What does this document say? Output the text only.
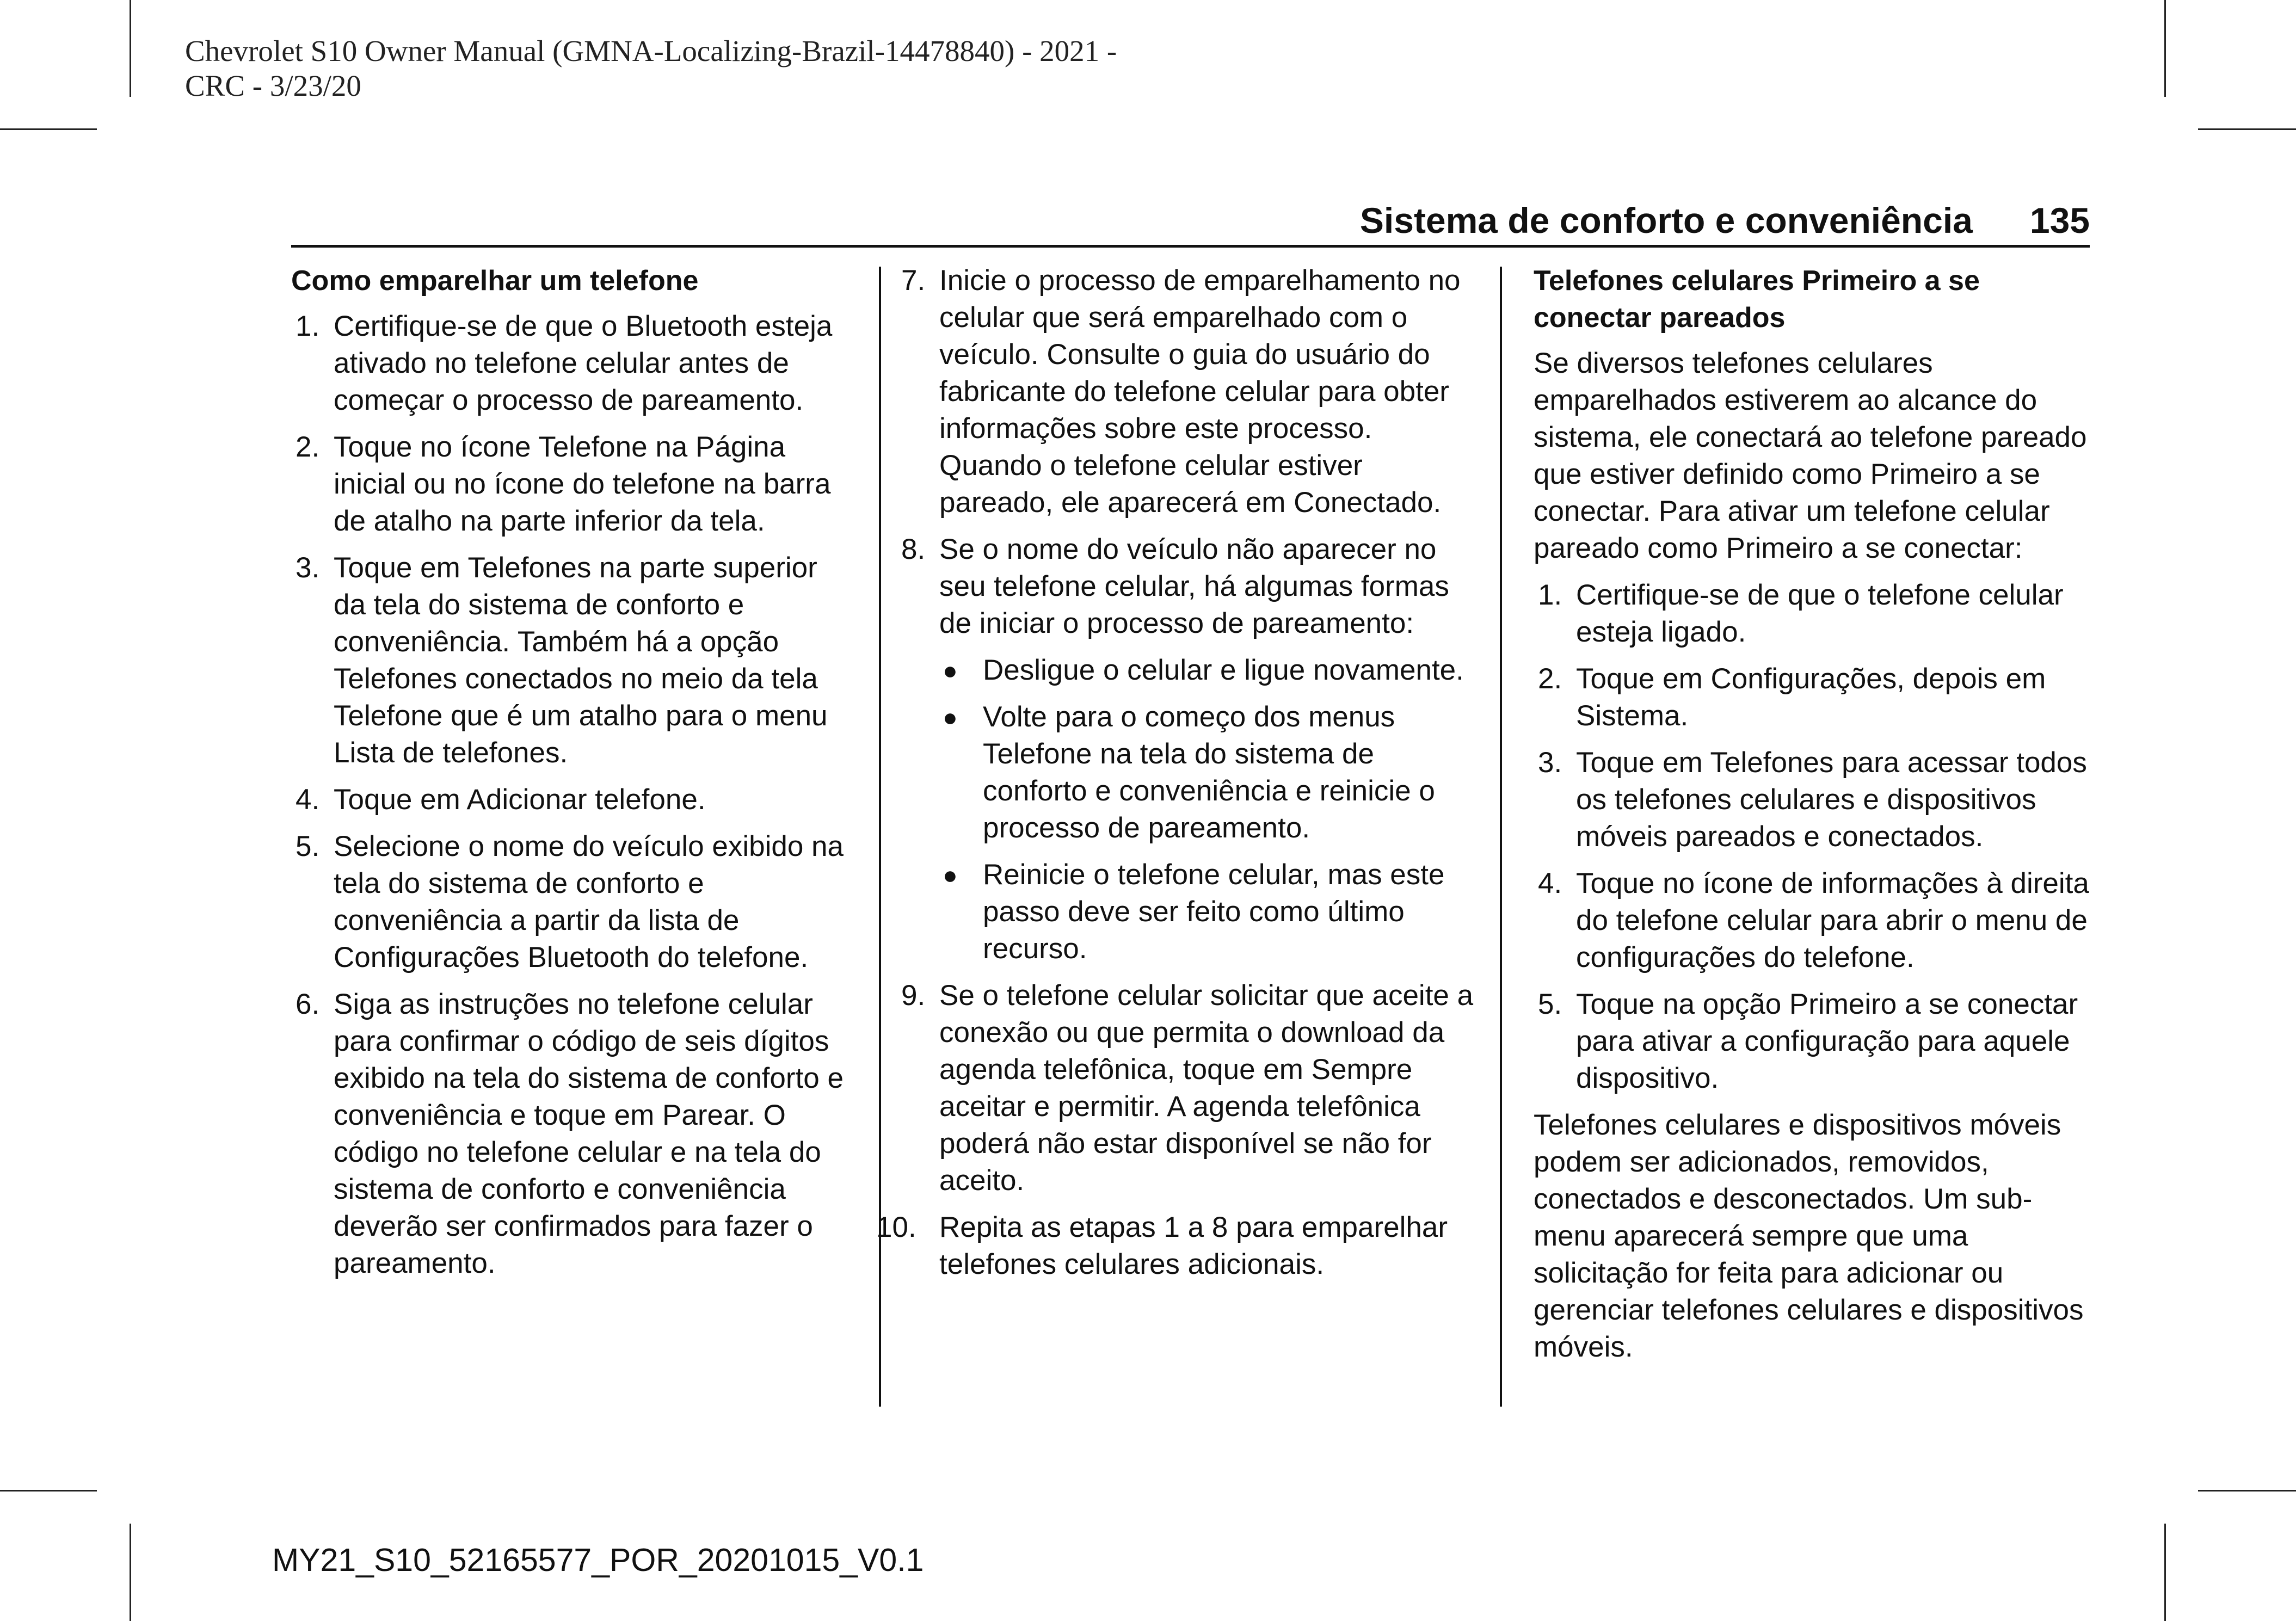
Chevrolet S10 Owner Manual (GMNA-Localizing-Brazil-14478840) - 2021 -
CRC - 3/23/20
Sistema de conforto e conveniência 135
Como emparelhar um telefone
1. Certifique-se de que o Bluetooth esteja ativado no telefone celular antes de começar o processo de pareamento.
2. Toque no ícone Telefone na Página inicial ou no ícone do telefone na barra de atalho na parte inferior da tela.
3. Toque em Telefones na parte superior da tela do sistema de conforto e conveniência. Também há a opção Telefones conectados no meio da tela Telefone que é um atalho para o menu Lista de telefones.
4. Toque em Adicionar telefone.
5. Selecione o nome do veículo exibido na tela do sistema de conforto e conveniência a partir da lista de Configurações Bluetooth do telefone.
6. Siga as instruções no telefone celular para confirmar o código de seis dígitos exibido na tela do sistema de conforto e conveniência e toque em Parear. O código no telefone celular e na tela do sistema de conforto e conveniência deverão ser confirmados para fazer o pareamento.
7. Inicie o processo de emparelhamento no celular que será emparelhado com o veículo. Consulte o guia do usuário do fabricante do telefone celular para obter informações sobre este processo. Quando o telefone celular estiver pareado, ele aparecerá em Conectado.
8. Se o nome do veículo não aparecer no seu telefone celular, há algumas formas de iniciar o processo de pareamento:
● Desligue o celular e ligue novamente.
● Volte para o começo dos menus Telefone na tela do sistema de conforto e conveniência e reinicie o processo de pareamento.
● Reinicie o telefone celular, mas este passo deve ser feito como último recurso.
9. Se o telefone celular solicitar que aceite a conexão ou que permita o download da agenda telefônica, toque em Sempre aceitar e permitir. A agenda telefônica poderá não estar disponível se não for aceito.
10. Repita as etapas 1 a 8 para emparelhar telefones celulares adicionais.
Telefones celulares Primeiro a se conectar pareados

Se diversos telefones celulares emparelhados estiverem ao alcance do sistema, ele conectará ao telefone pareado que estiver definido como Primeiro a se conectar. Para ativar um telefone celular pareado como Primeiro a se conectar:

1. Certifique-se de que o telefone celular esteja ligado.
2. Toque em Configurações, depois em Sistema.
3. Toque em Telefones para acessar todos os telefones celulares e dispositivos móveis pareados e conectados.
4. Toque no ícone de informações à direita do telefone celular para abrir o menu de configurações do telefone.
5. Toque na opção Primeiro a se conectar para ativar a configuração para aquele dispositivo.

Telefones celulares e dispositivos móveis podem ser adicionados, removidos, conectados e desconectados. Um sub-menu aparecerá sempre que uma solicitação for feita para adicionar ou gerenciar telefones celulares e dispositivos móveis.

MY21_S10_52165577_POR_20201015_V0.1
